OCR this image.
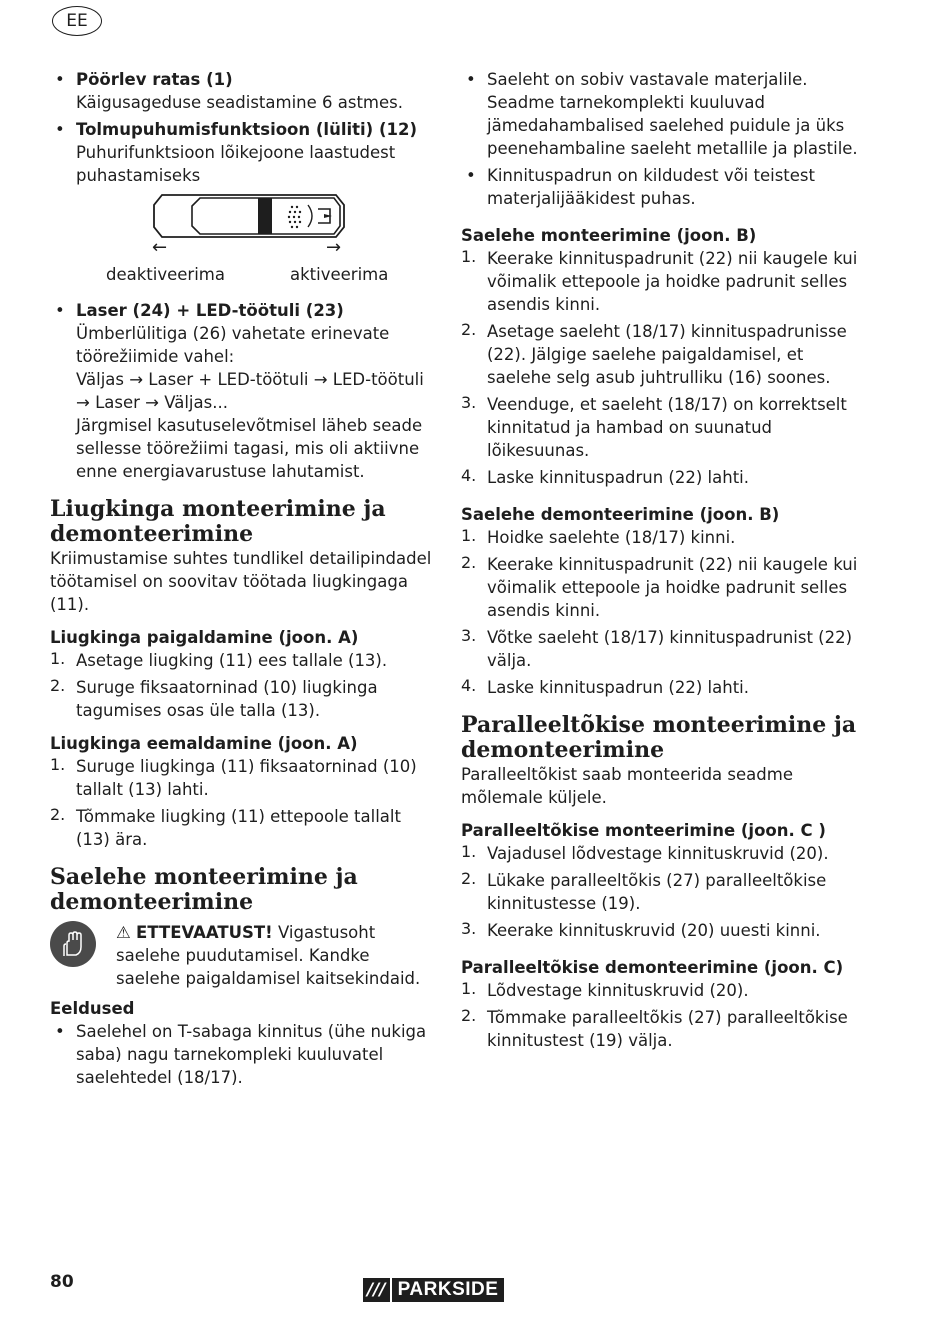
EE

• Pöörlev ratas (1)

Käigusageduse seadistamine 6 astmes.

• Tolmupuhumisfunktsioon (lüliti) (12)

Puhurifunktsioon lõikejoone laastudest puhastamiseks

←	→
deaktiveerima	aktiveerima

• Laser (24) + LED-töötuli (23)

Ümberlülitiga (26) vahetate erinevate töörežiimide vahel:

Väljas → Laser + LED-töötuli → LED-töötuli → Laser → Väljas...

Järgmisel kasutuselevõtmisel läheb seade sellesse töörežiimi tagasi, mis oli aktiivne enne energiavarustuse lahutamist.

Liugkinga monteerimine ja demonteerimine

Kriimustamise suhtes tundlikel detailipindadel töötamisel on soovitav töötada liugkingaga (11).

Liugkinga paigaldamine (joon. A)

1. Asetage liugking (11) ees tallale (13).

2. Suruge fiksaatorninad (10) liugkinga tagumises osas üle talla (13).

Liugkinga eemaldamine (joon. A)

1. Suruge liugkinga (11) fiksaatorninad (10) tallalt (13) lahti.

2. Tõmmake liugking (11) ettepoole tallalt (13) ära.

Saelehe monteerimine ja demonteerimine

⚠ ETTEVAATUST! Vigastusoht saelehe puudutamisel. Kandke saelehe paigaldamisel kaitsekindaid.

Eeldused

• Saelehel on T-sabaga kinnitus (ühe nukiga saba) nagu tarnekompleki kuuluvatel saelehtedel (18/17).

• Saeleht on sobiv vastavale materjalile. Seadme tarnekomplekti kuuluvad jämedahambalised saelehed puidule ja üks peenehambaline saeleht metallile ja plastile.

• Kinnituspadrun on kildudest või teistest materjalijääkidest puhas.

Saelehe monteerimine (joon. B)

1. Keerake kinnituspadrunit (22) nii kaugele kui võimalik ettepoole ja hoidke padrunit selles asendis kinni.

2. Asetage saeleht (18/17) kinnituspadrunisse (22). Jälgige saelehe paigaldamisel, et saelehe selg asub juhtrulliku (16) soones.

3. Veenduge, et saeleht (18/17) on korrektselt kinnitatud ja hambad on suunatud lõikesuunas.

4. Laske kinnituspadrun (22) lahti.

Saelehe demonteerimine (joon. B)

1. Hoidke saelehte (18/17) kinni.

2. Keerake kinnituspadrunit (22) nii kaugele kui võimalik ettepoole ja hoidke padrunit selles asendis kinni.

3. Võtke saeleht (18/17) kinnituspadrunist (22) välja.

4. Laske kinnituspadrun (22) lahti.

Paralleeltõkise monteerimine ja demonteerimine

Paralleeltõkist saab monteerida seadme mõlemale küljele.

Paralleeltõkise monteerimine (joon. C )

1. Vajadusel lõdvestage kinnituskruvid (20).

2. Lükake paralleeltõkis (27) paralleeltõkise kinnitustesse (19).

3. Keerake kinnituskruvid (20) uuesti kinni.

Paralleeltõkise demonteerimine (joon. C)

1. Lõdvestage kinnituskruvid (20).

2. Tõmmake paralleeltõkis (27) paralleeltõkise kinnitustest (19) välja.

80	/// PARKSIDE
